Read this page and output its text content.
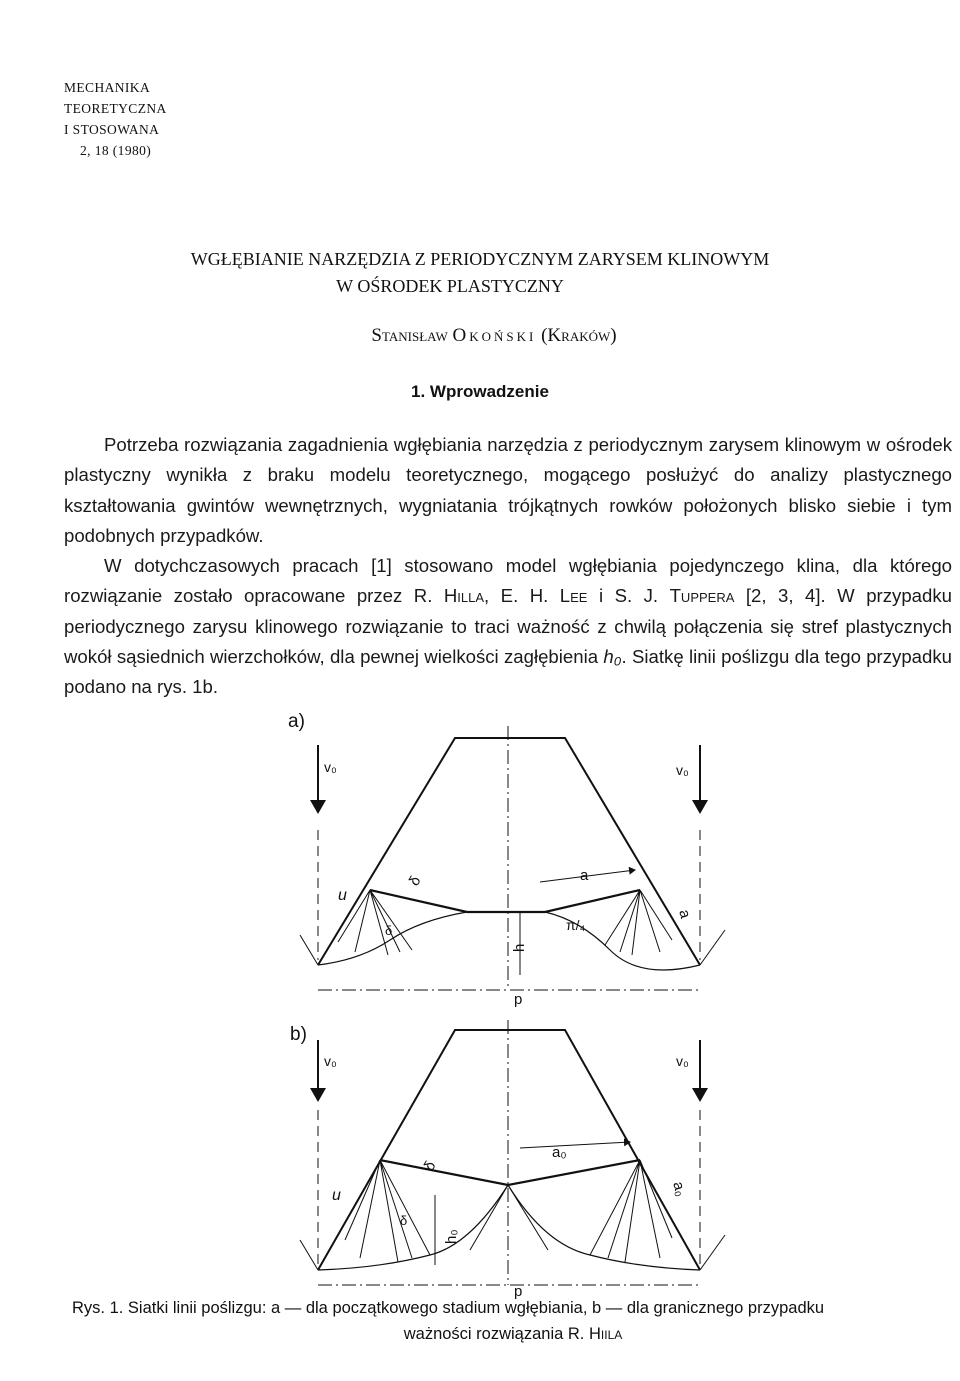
MECHANIKA
TEORETYCZNA
I STOSOWANA
2, 18 (1980)
WGŁĘBIANIE NARZĘDZIA Z PERIODYCZNYM ZARYSEM KLINOWYM
W OŚRODEK PLASTYCZNY
Stanisław Okoński (Kraków)
1. Wprowadzenie

Potrzeba rozwiązania zagadnienia wgłębiania narzędzia z periodycznym zarysem klinowym w ośrodek plastyczny wynikła z braku modelu teoretycznego, mogącego posłużyć do analizy plastycznego kształtowania gwintów wewnętrznych, wygniatania trójkątnych rowków położonych blisko siebie i tym podobnych przypadków.

W dotychczasowych pracach [1] stosowano model wgłębiania pojedynczego klina, dla którego rozwiązanie zostało opracowane przez R. Hilla, E. H. Lee i S. J. Tuppera [2, 3, 4]. W przypadku periodycznego zarysu klinowego rozwiązanie to traci ważność z chwilą połączenia się stref plastycznych wokół sąsiednich wierzchołków, dla pewnej wielkości zagłębienia h₀. Siatkę linii poślizgu dla tego przypadku podano na rys. 1b.

a)
v₀	v₀
u
δ
δ
a
a
π/₄
h
p
b)
v₀	v₀
u
δ
δ
a₀
a₀
h₀
p
Rys. 1. Siatki linii poślizgu: a — dla początkowego stadium wgłębiania, b — dla granicznego przypadku
ważności rozwiązania R. Hiila
